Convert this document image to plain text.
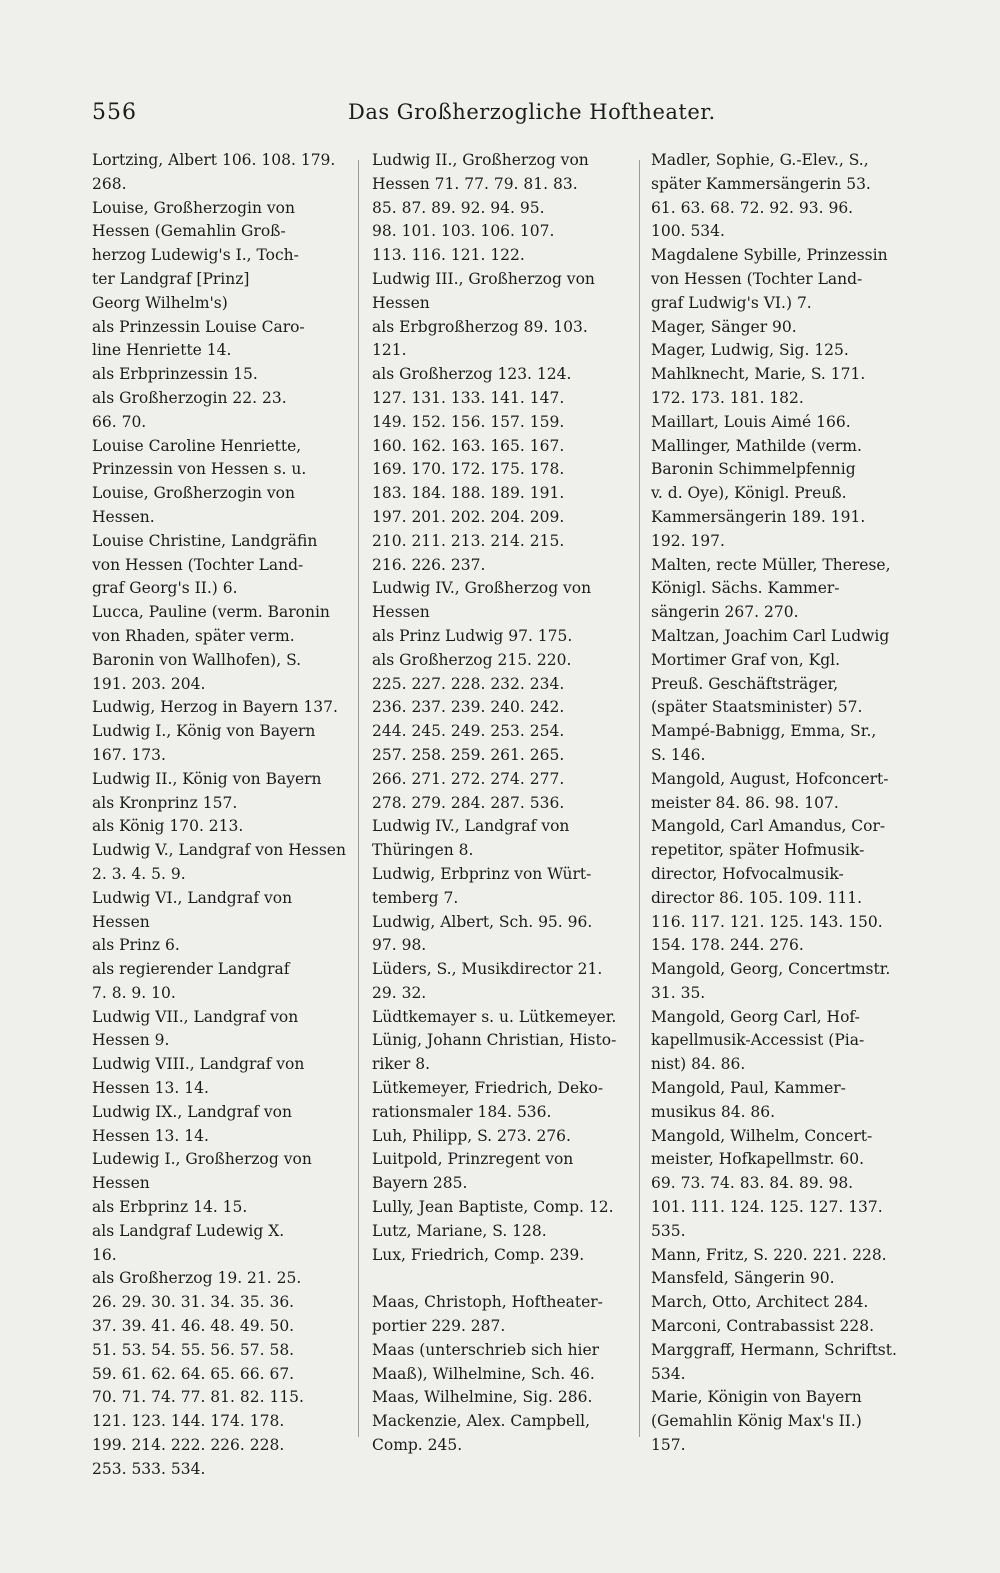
556	Das Großherzogliche Hoftheater.
Lortzing, Albert 106. 108. 179.
268.
Louise, Großherzogin von
Hessen (Gemahlin Groß-
herzog Ludewig's I., Toch-
ter Landgraf [Prinz]
Georg Wilhelm's)
als Prinzessin Louise Caro-
line Henriette 14.
als Erbprinzessin 15.
als Großherzogin 22. 23.
66. 70.
Louise Caroline Henriette,
Prinzessin von Hessen s. u.
Louise, Großherzogin von
Hessen.
Louise Christine, Landgräfin
von Hessen (Tochter Land-
graf Georg's II.) 6.
Lucca, Pauline (verm. Baronin
von Rhaden, später verm.
Baronin von Wallhofen), S.
191. 203. 204.
Ludwig, Herzog in Bayern 137.
Ludwig I., König von Bayern
167. 173.
Ludwig II., König von Bayern
als Kronprinz 157.
als König 170. 213.
Ludwig V., Landgraf von Hessen
2. 3. 4. 5. 9.
Ludwig VI., Landgraf von
Hessen
als Prinz 6.
als regierender Landgraf
7. 8. 9. 10.
Ludwig VII., Landgraf von
Hessen 9.
Ludwig VIII., Landgraf von
Hessen 13. 14.
Ludwig IX., Landgraf von
Hessen 13. 14.
Ludewig I., Großherzog von
Hessen
als Erbprinz 14. 15.
als Landgraf Ludewig X.
16.
als Großherzog 19. 21. 25.
26. 29. 30. 31. 34. 35. 36.
37. 39. 41. 46. 48. 49. 50.
51. 53. 54. 55. 56. 57. 58.
59. 61. 62. 64. 65. 66. 67.
70. 71. 74. 77. 81. 82. 115.
121. 123. 144. 174. 178.
199. 214. 222. 226. 228.
253. 533. 534.
Ludwig II., Großherzog von
Hessen 71. 77. 79. 81. 83.
85. 87. 89. 92. 94. 95.
98. 101. 103. 106. 107.
113. 116. 121. 122.
Ludwig III., Großherzog von
Hessen
als Erbgroßherzog 89. 103.
121.
als Großherzog 123. 124.
127. 131. 133. 141. 147.
149. 152. 156. 157. 159.
160. 162. 163. 165. 167.
169. 170. 172. 175. 178.
183. 184. 188. 189. 191.
197. 201. 202. 204. 209.
210. 211. 213. 214. 215.
216. 226. 237.
Ludwig IV., Großherzog von
Hessen
als Prinz Ludwig 97. 175.
als Großherzog 215. 220.
225. 227. 228. 232. 234.
236. 237. 239. 240. 242.
244. 245. 249. 253. 254.
257. 258. 259. 261. 265.
266. 271. 272. 274. 277.
278. 279. 284. 287. 536.
Ludwig IV., Landgraf von
Thüringen 8.
Ludwig, Erbprinz von Würt-
temberg 7.
Ludwig, Albert, Sch. 95. 96.
97. 98.
Lüders, S., Musikdirector 21.
29. 32.
Lüdtkemayer s. u. Lütkemeyer.
Lünig, Johann Christian, Histo-
riker 8.
Lütkemeyer, Friedrich, Deko-
rationsmaler 184. 536.
Luh, Philipp, S. 273. 276.
Luitpold, Prinzregent von
Bayern 285.
Lully, Jean Baptiste, Comp. 12.
Lutz, Mariane, S. 128.
Lux, Friedrich, Comp. 239.
Maas, Christoph, Hoftheater-
portier 229. 287.
Maas (unterschrieb sich hier
Maaß), Wilhelmine, Sch. 46.
Maas, Wilhelmine, Sig. 286.
Mackenzie, Alex. Campbell,
Comp. 245.
Madler, Sophie, G.-Elev., S.,
später Kammersängerin 53.
61. 63. 68. 72. 92. 93. 96.
100. 534.
Magdalene Sybille, Prinzessin
von Hessen (Tochter Land-
graf Ludwig's VI.) 7.
Mager, Sänger 90.
Mager, Ludwig, Sig. 125.
Mahlknecht, Marie, S. 171.
172. 173. 181. 182.
Maillart, Louis Aimé 166.
Mallinger, Mathilde (verm.
Baronin Schimmelpfennig
v. d. Oye), Königl. Preuß.
Kammersängerin 189. 191.
192. 197.
Malten, recte Müller, Therese,
Königl. Sächs. Kammer-
sängerin 267. 270.
Maltzan, Joachim Carl Ludwig
Mortimer Graf von, Kgl.
Preuß. Geschäftsträger,
(später Staatsminister) 57.
Mampé-Babnigg, Emma, Sr.,
S. 146.
Mangold, August, Hofconcert-
meister 84. 86. 98. 107.
Mangold, Carl Amandus, Cor-
repetitor, später Hofmusik-
director, Hofvocalmusik-
director 86. 105. 109. 111.
116. 117. 121. 125. 143. 150.
154. 178. 244. 276.
Mangold, Georg, Concertmstr.
31. 35.
Mangold, Georg Carl, Hof-
kapellmusik-Accessist (Pia-
nist) 84. 86.
Mangold, Paul, Kammer-
musikus 84. 86.
Mangold, Wilhelm, Concert-
meister, Hofkapellmstr. 60.
69. 73. 74. 83. 84. 89. 98.
101. 111. 124. 125. 127. 137.
535.
Mann, Fritz, S. 220. 221. 228.
Mansfeld, Sängerin 90.
March, Otto, Architect 284.
Marconi, Contrabassist 228.
Marggraff, Hermann, Schriftst.
534.
Marie, Königin von Bayern
(Gemahlin König Max's II.)
157.
